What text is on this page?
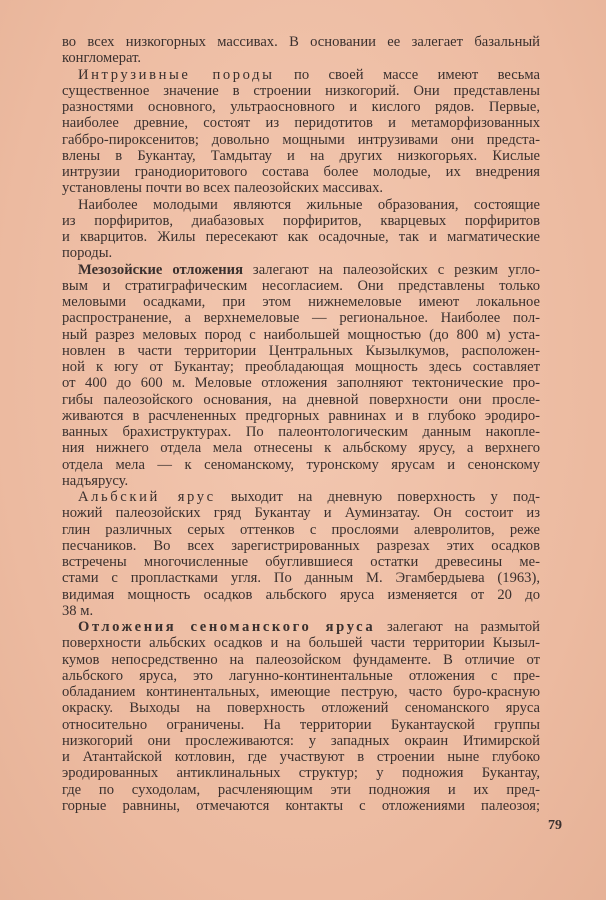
во всех низкогорных массивах. В основании ее залегает базальный
конгломерат.
Интрузивные породы по своей массе имеют весьма
существенное значение в строении низкогорий. Они представлены
разностями основного, ультраосновного и кислого рядов. Первые,
наиболее древние, состоят из перидотитов и метаморфизованных
габбро-пироксенитов; довольно мощными интрузивами они предста-
влены в Букантау, Тамдытау и на других низкогорьях. Кислые
интрузии гранодиоритового состава более молодые, их внедрения
установлены почти во всех палеозойских массивах.
Наиболее молодыми являются жильные образования, состоящие
из порфиритов, диабазовых порфиритов, кварцевых порфиритов
и кварцитов. Жилы пересекают как осадочные, так и магматические
породы.
Мезозойские отложения залегают на палеозойских с резким угло-
вым и стратиграфическим несогласием. Они представлены только
меловыми осадками, при этом нижнемеловые имеют локальное
распространение, а верхнемеловые — региональное. Наиболее пол-
ный разрез меловых пород с наибольшей мощностью (до 800 м) уста-
новлен в части территории Центральных Кызылкумов, расположен-
ной к югу от Букантау; преобладающая мощность здесь составляет
от 400 до 600 м. Меловые отложения заполняют тектонические про-
гибы палеозойского основания, на дневной поверхности они просле-
живаются в расчлененных предгорных равнинах и в глубоко эродиро-
ванных брахиструктурах. По палеонтологическим данным накопле-
ния нижнего отдела мела отнесены к альбскому ярусу, а верхнего
отдела мела — к сеноманскому, туронскому ярусам и сенонскому
надъярусу.
Альбский ярус выходит на дневную поверхность у под-
ножий палеозойских гряд Букантау и Ауминзатау. Он состоит из
глин различных серых оттенков с прослоями алевролитов, реже
песчаников. Во всех зарегистрированных разрезах этих осадков
встречены многочисленные обуглившиеся остатки древесины ме-
стами с пропластками угля. По данным М. Эгамбердыева (1963),
видимая мощность осадков альбского яруса изменяется от 20 до
38 м.
Отложения сеноманского яруса залегают на размытой
поверхности альбских осадков и на большей части территории Кызыл-
кумов непосредственно на палеозойском фундаменте. В отличие от
альбского яруса, это лагунно-континентальные отложения с пре-
обладанием континентальных, имеющие пеструю, часто буро-красную
окраску. Выходы на поверхность отложений сеноманского яруса
относительно ограничены. На территории Букантауской группы
низкогорий они прослеживаются: у западных окраин Итимирской
и Атантайской котловин, где участвуют в строении ныне глубоко
эродированных антиклинальных структур; у подножия Букантау,
где по суходолам, расчленяющим эти подножия и их пред-
горные равнины, отмечаются контакты с отложениями палеозоя;
79
